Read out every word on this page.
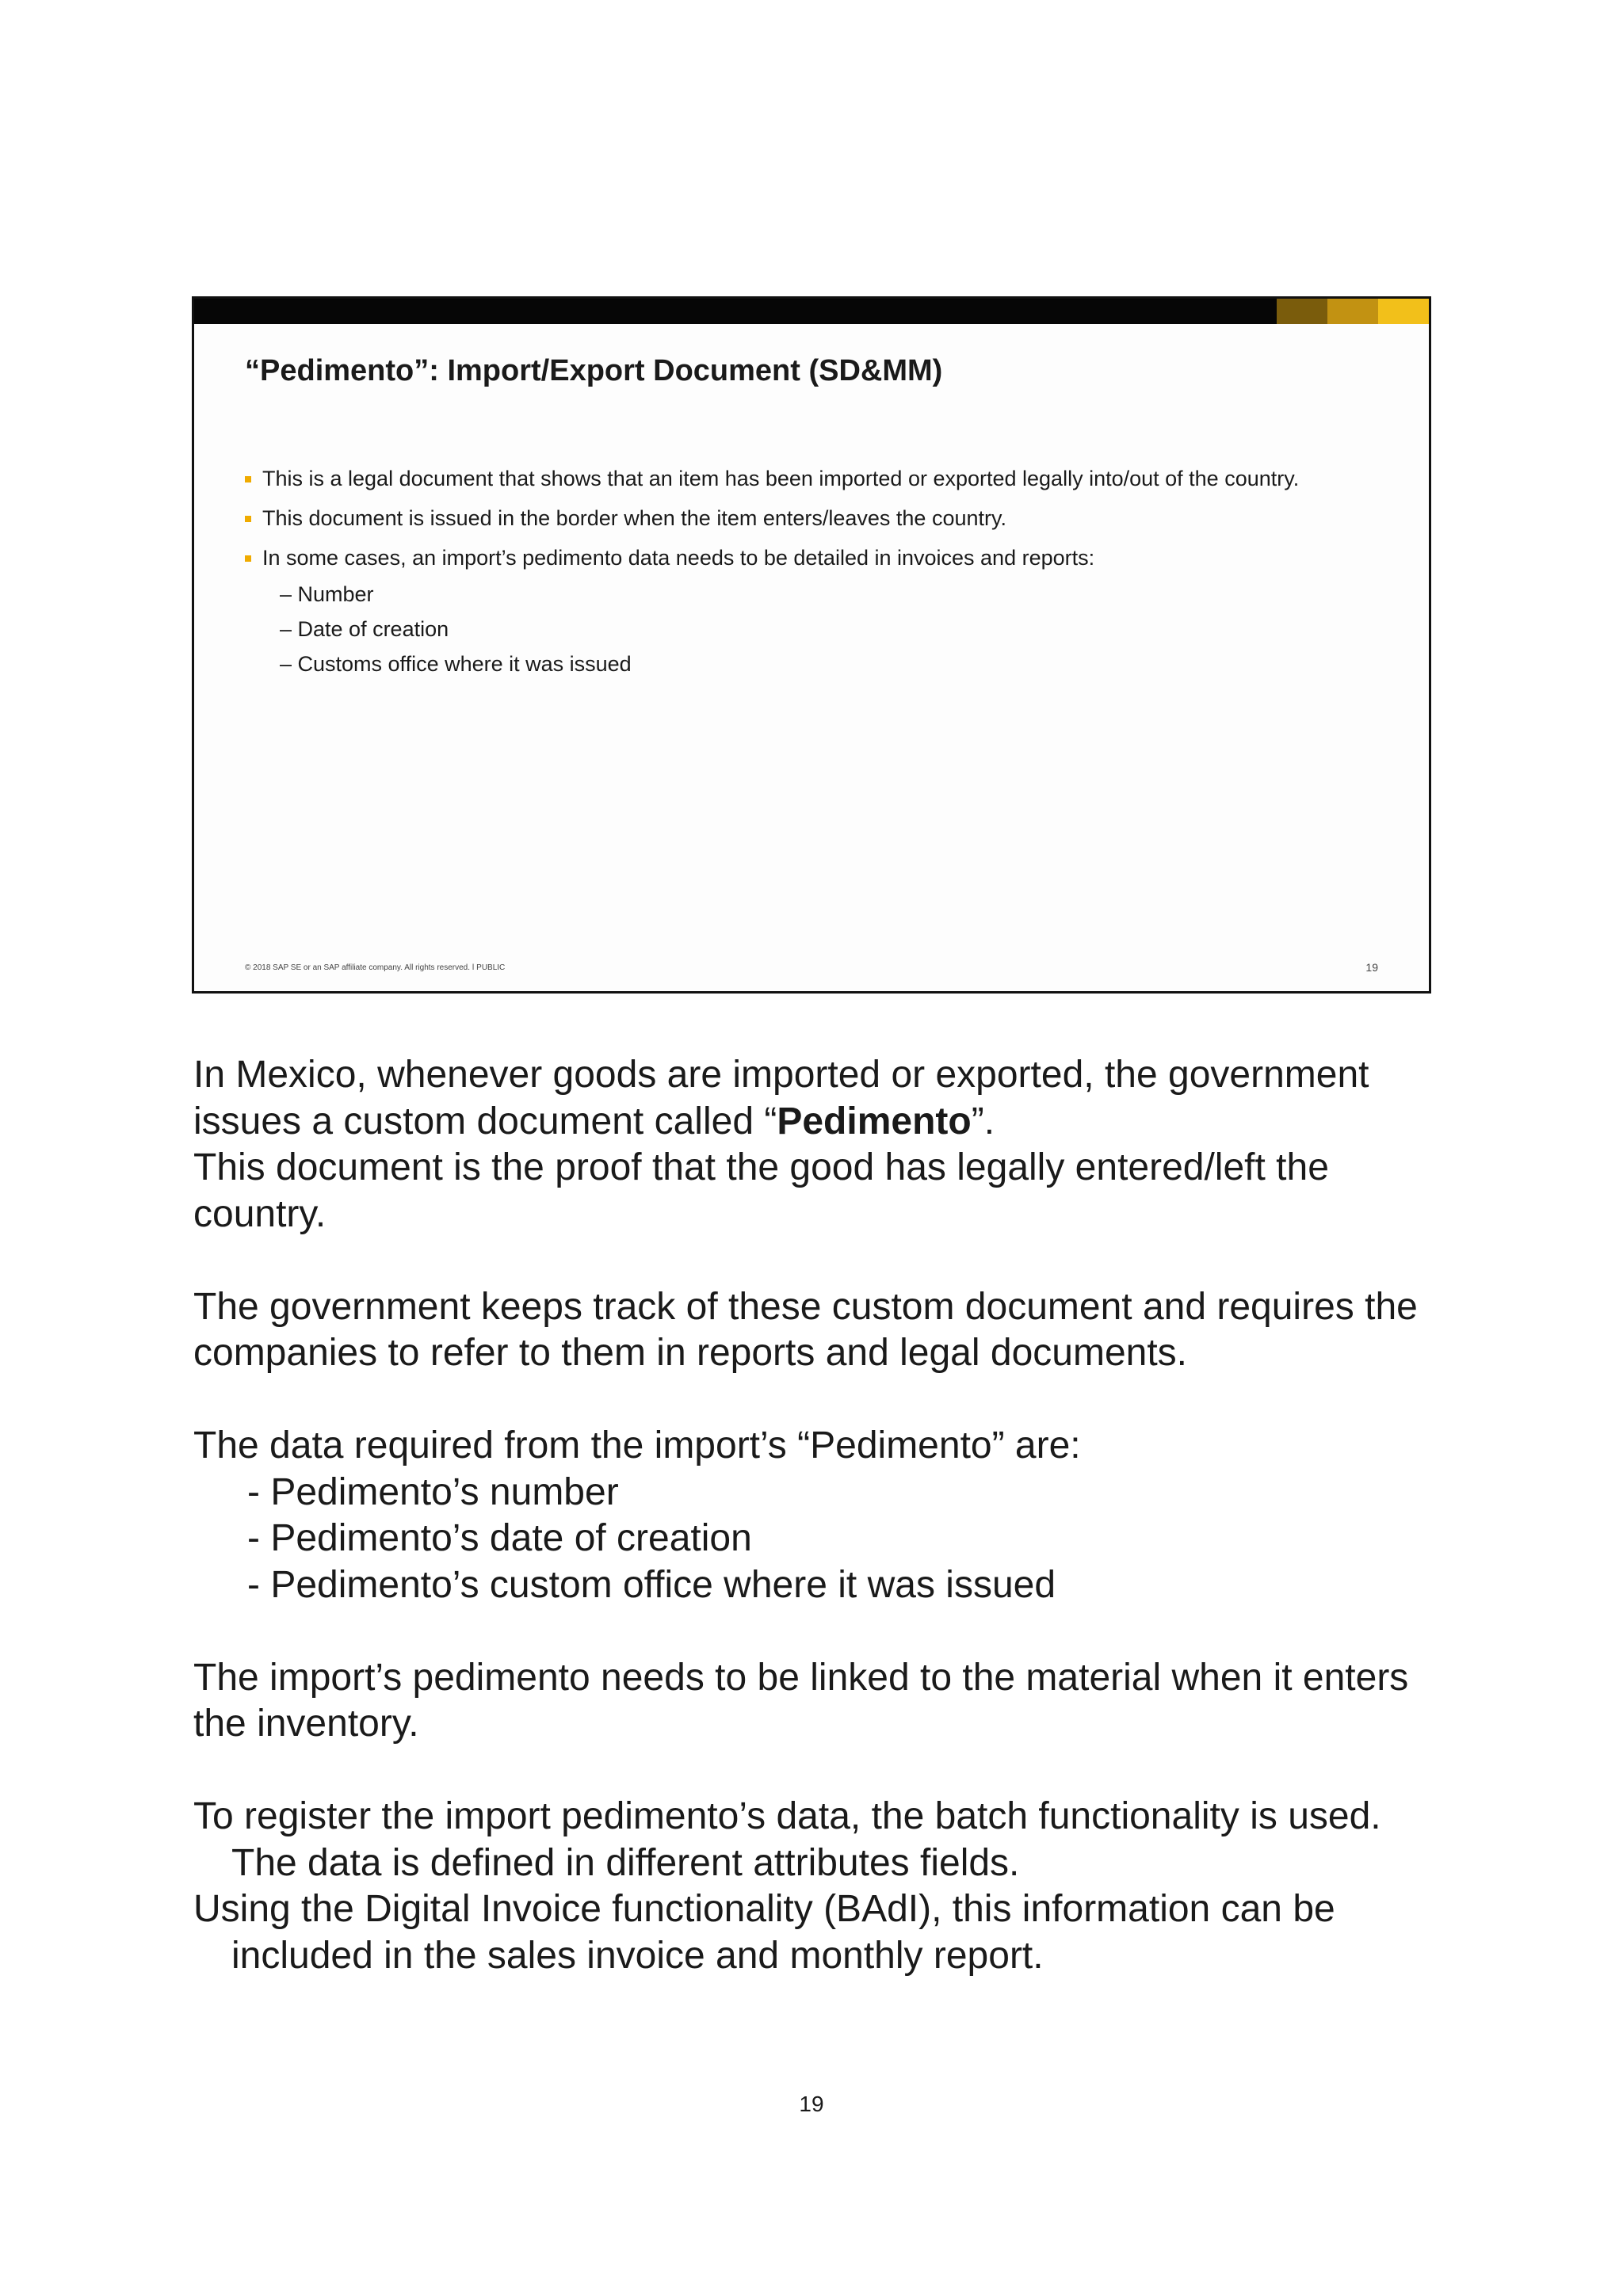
“Pedimento”: Import/Export Document (SD&MM)
This is a legal document that shows that an item has been imported or exported legally into/out of the country.
This document is issued in the border when the item enters/leaves the country.
In some cases, an import’s pedimento data needs to be detailed in invoices and reports:
– Number
– Date of creation
– Customs office where it was issued
© 2018 SAP SE or an SAP affiliate company. All rights reserved. ǀ PUBLIC	19

In Mexico, whenever goods are imported or exported, the government issues a custom document called “Pedimento”.

This document is the proof that the good has legally entered/left the country.

The government keeps track of these custom document and requires the companies to refer to them in reports and legal documents.

The data required from the import’s “Pedimento” are:

- Pedimento’s number

- Pedimento’s date of creation

- Pedimento’s custom office where it was issued

The import’s pedimento needs to be linked to the material when it enters the inventory.

To register the import pedimento’s data, the batch functionality is used. The data is defined in different attributes fields.

Using the Digital Invoice functionality (BAdI), this information can be included in the sales invoice and monthly report.

19
